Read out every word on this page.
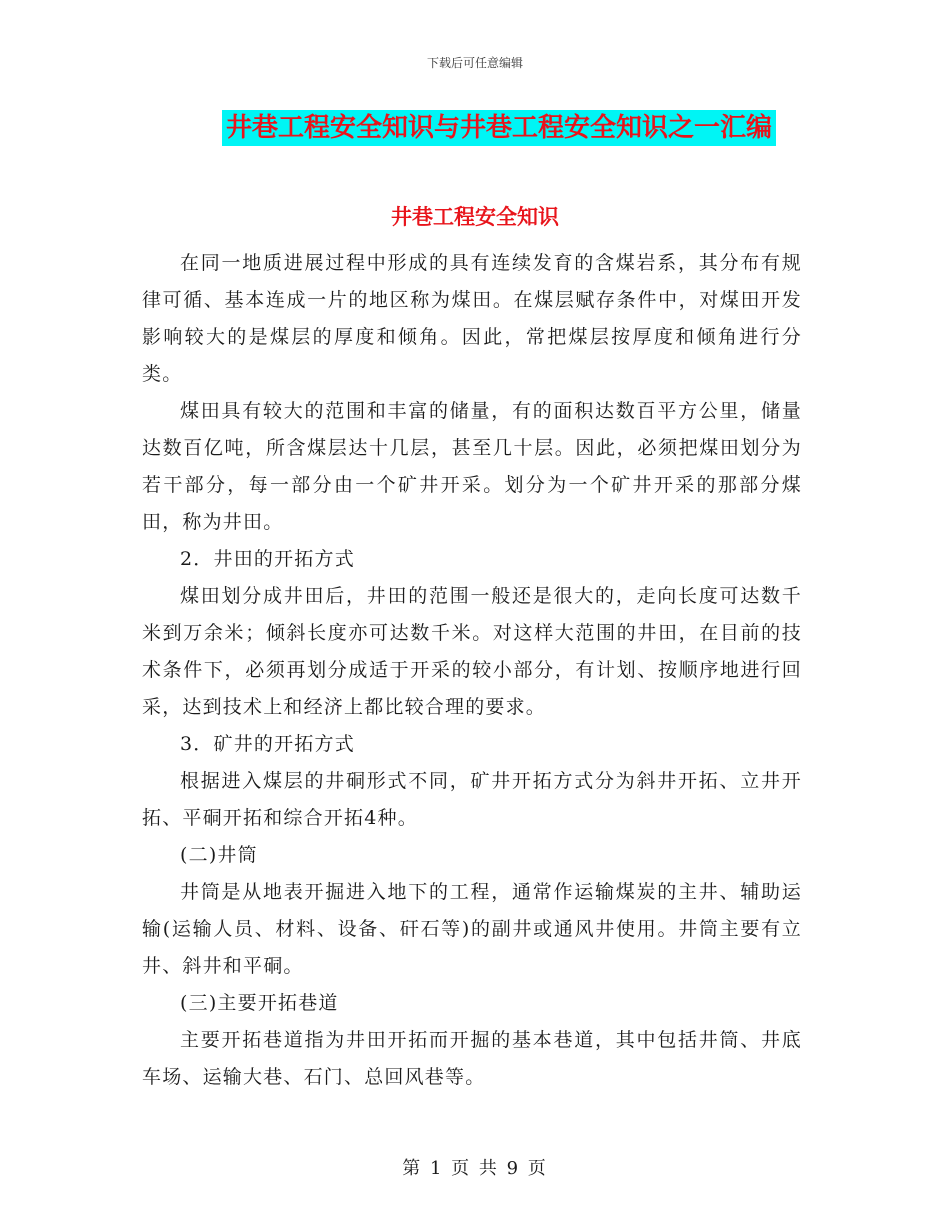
下载后可任意编辑
井巷工程安全知识与井巷工程安全知识之一汇编
井巷工程安全知识

在同一地质进展过程中形成的具有连续发育的含煤岩系，其分布有规律可循、基本连成一片的地区称为煤田。在煤层赋存条件中，对煤田开发影响较大的是煤层的厚度和倾角。因此，常把煤层按厚度和倾角进行分类。

煤田具有较大的范围和丰富的储量，有的面积达数百平方公里，储量达数百亿吨，所含煤层达十几层，甚至几十层。因此，必须把煤田划分为若干部分，每一部分由一个矿井开采。划分为一个矿井开采的那部分煤田，称为井田。

2．井田的开拓方式

煤田划分成井田后，井田的范围一般还是很大的，走向长度可达数千米到万余米；倾斜长度亦可达数千米。对这样大范围的井田，在目前的技术条件下，必须再划分成适于开采的较小部分，有计划、按顺序地进行回采，达到技术上和经济上都比较合理的要求。

3．矿井的开拓方式

根据进入煤层的井硐形式不同，矿井开拓方式分为斜井开拓、立井开拓、平硐开拓和综合开拓4种。

(二)井筒

井筒是从地表开掘进入地下的工程，通常作运输煤炭的主井、辅助运输(运输人员、材料、设备、矸石等)的副井或通风井使用。井筒主要有立井、斜井和平硐。

(三)主要开拓巷道

主要开拓巷道指为井田开拓而开掘的基本巷道，其中包括井筒、井底车场、运输大巷、石门、总回风巷等。

第 1 页 共 9 页
